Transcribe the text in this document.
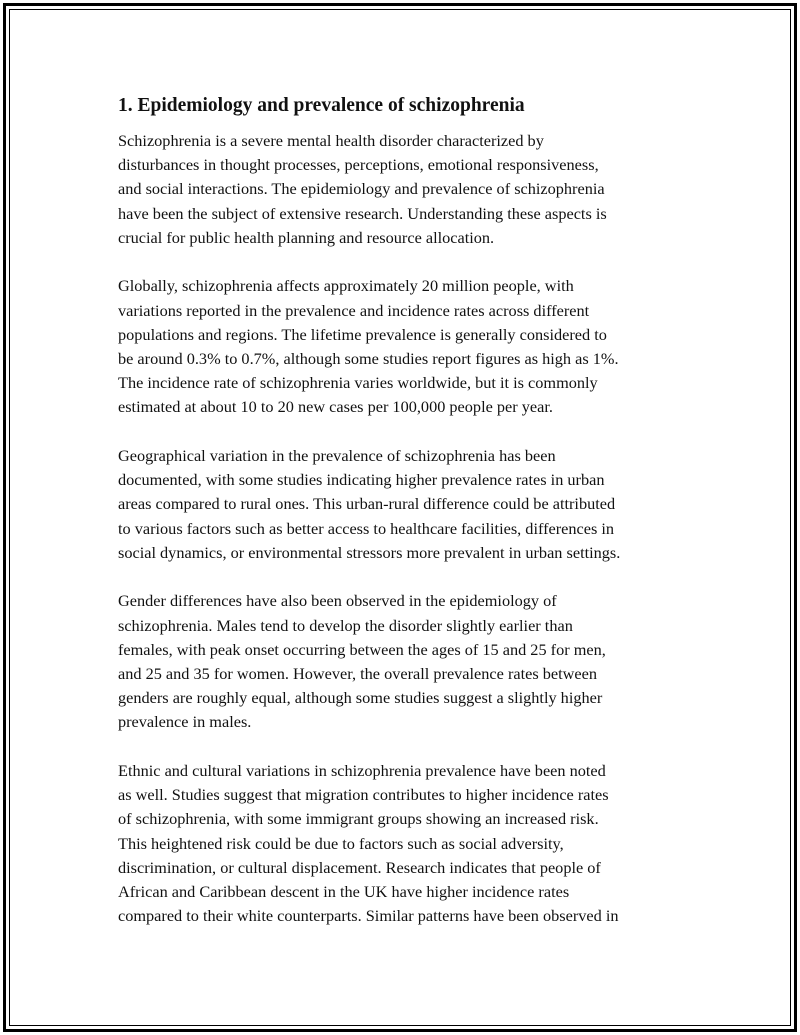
1. Epidemiology and prevalence of schizophrenia

Schizophrenia is a severe mental health disorder characterized by
disturbances in thought processes, perceptions, emotional responsiveness,
and social interactions. The epidemiology and prevalence of schizophrenia
have been the subject of extensive research. Understanding these aspects is
crucial for public health planning and resource allocation.

Globally, schizophrenia affects approximately 20 million people, with
variations reported in the prevalence and incidence rates across different
populations and regions. The lifetime prevalence is generally considered to
be around 0.3% to 0.7%, although some studies report figures as high as 1%.
The incidence rate of schizophrenia varies worldwide, but it is commonly
estimated at about 10 to 20 new cases per 100,000 people per year.

Geographical variation in the prevalence of schizophrenia has been
documented, with some studies indicating higher prevalence rates in urban
areas compared to rural ones. This urban-rural difference could be attributed
to various factors such as better access to healthcare facilities, differences in
social dynamics, or environmental stressors more prevalent in urban settings.

Gender differences have also been observed in the epidemiology of
schizophrenia. Males tend to develop the disorder slightly earlier than
females, with peak onset occurring between the ages of 15 and 25 for men,
and 25 and 35 for women. However, the overall prevalence rates between
genders are roughly equal, although some studies suggest a slightly higher
prevalence in males.

Ethnic and cultural variations in schizophrenia prevalence have been noted
as well. Studies suggest that migration contributes to higher incidence rates
of schizophrenia, with some immigrant groups showing an increased risk.
This heightened risk could be due to factors such as social adversity,
discrimination, or cultural displacement. Research indicates that people of
African and Caribbean descent in the UK have higher incidence rates
compared to their white counterparts. Similar patterns have been observed in
